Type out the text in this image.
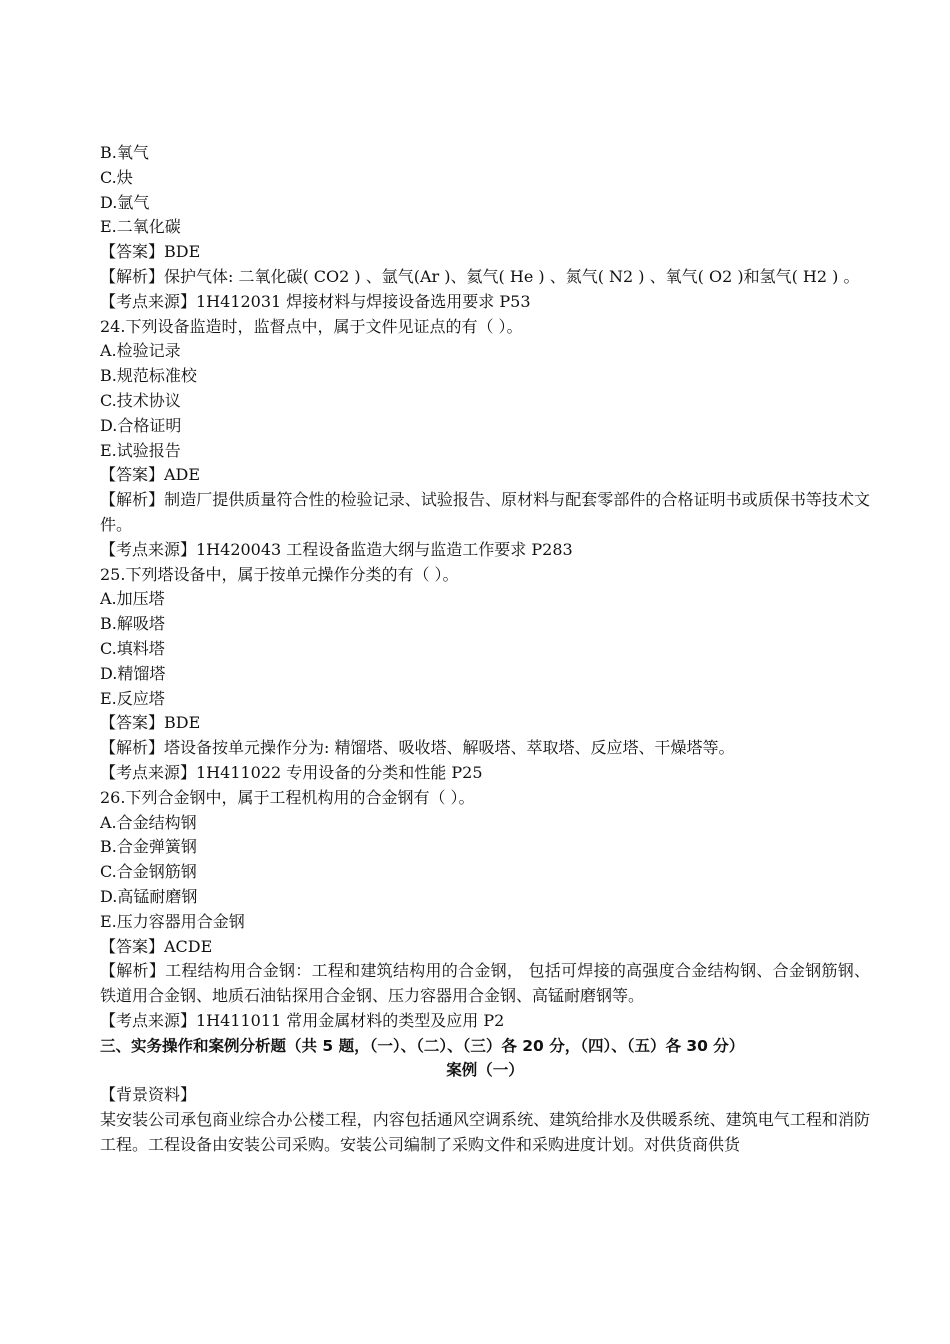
B.氧气
C.炔
D.氩气
E.二氧化碳
【答案】BDE
【解析】保护气体: 二氧化碳( CO2 ) 、氩气(Ar )、氦气( He ) 、氮气( N2 ) 、氧气( O2 )和氢气( H2 ) 。
【考点来源】1H412031 焊接材料与焊接设备选用要求 P53
24.下列设备监造时，监督点中，属于文件见证点的有（ ）。
A.检验记录
B.规范标准校
C.技术协议
D.合格证明
E.试验报告
【答案】ADE
【解析】制造厂提供质量符合性的检验记录、试验报告、原材料与配套零部件的合格证明书或质保书等技术文件。
【考点来源】1H420043 工程设备监造大纲与监造工作要求 P283
25.下列塔设备中，属于按单元操作分类的有（ ）。
A.加压塔
B.解吸塔
C.填料塔
D.精馏塔
E.反应塔
【答案】BDE
【解析】塔设备按单元操作分为: 精馏塔、吸收塔、解吸塔、萃取塔、反应塔、干燥塔等。
【考点来源】1H411022 专用设备的分类和性能 P25
26.下列合金钢中，属于工程机构用的合金钢有（ ）。
A.合金结构钢
B.合金弹簧钢
C.合金钢筋钢
D.高锰耐磨钢
E.压力容器用合金钢
【答案】ACDE
【解析】工程结构用合金钢：工程和建筑结构用的合金钢， 包括可焊接的高强度合金结构钢、合金钢筋钢、铁道用合金钢、地质石油钻探用合金钢、压力容器用合金钢、高锰耐磨钢等。
【考点来源】1H411011 常用金属材料的类型及应用 P2
三、实务操作和案例分析题（共 5 题，（一）、（二）、（三）各 20 分，（四）、（五）各 30 分）
案例（一）
【背景资料】
某安装公司承包商业综合办公楼工程，内容包括通风空调系统、建筑给排水及供暖系统、建筑电气工程和消防工程。工程设备由安装公司采购。安装公司编制了采购文件和采购进度计划。对供货商供货
